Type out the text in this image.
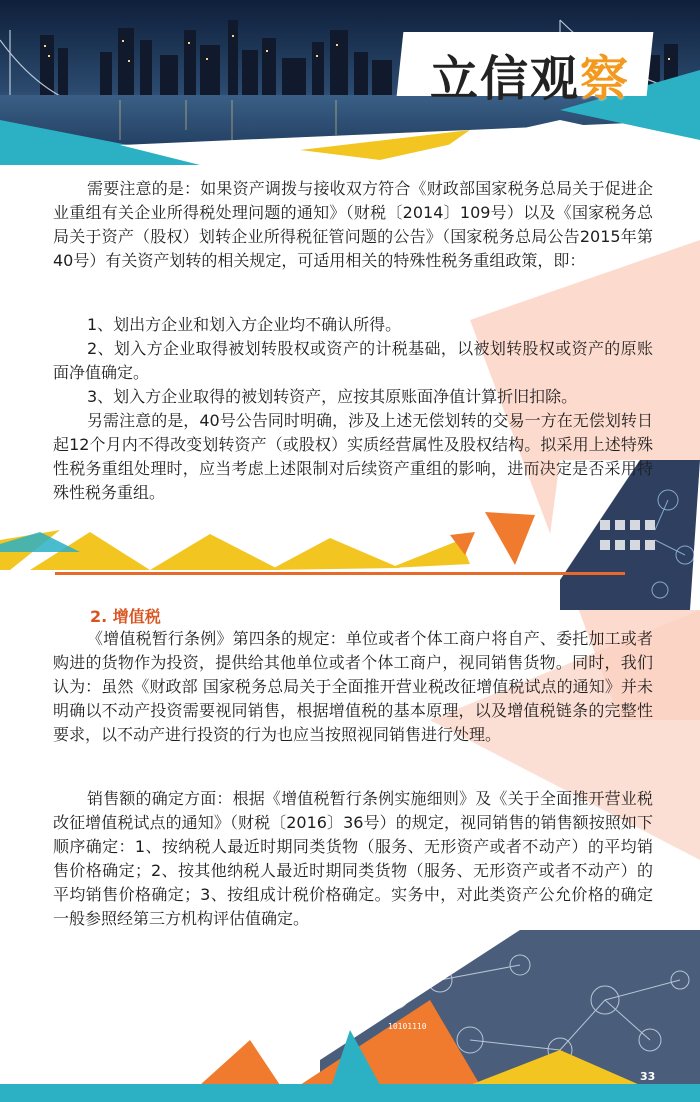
立信观察

需要注意的是：如果资产调拨与接收双方符合《财政部国家税务总局关于促进企业重组有关企业所得税处理问题的通知》（财税〔2014〕109号）以及《国家税务总局关于资产（股权）划转企业所得税征管问题的公告》（国家税务总局公告2015年第40号）有关资产划转的相关规定，可适用相关的特殊性税务重组政策，即：

1、划出方企业和划入方企业均不确认所得。

2、划入方企业取得被划转股权或资产的计税基础，以被划转股权或资产的原账面净值确定。

3、划入方企业取得的被划转资产，应按其原账面净值计算折旧扣除。

另需注意的是，40号公告同时明确，涉及上述无偿划转的交易一方在无偿划转日起12个月内不得改变划转资产（或股权）实质经营属性及股权结构。拟采用上述特殊性税务重组处理时，应当考虑上述限制对后续资产重组的影响，进而决定是否采用特殊性税务重组。

2. 增值税

《增值税暂行条例》第四条的规定：单位或者个体工商户将自产、委托加工或者购进的货物作为投资，提供给其他单位或者个体工商户，视同销售货物。同时，我们认为：虽然《财政部 国家税务总局关于全面推开营业税改征增值税试点的通知》并未明确以不动产投资需要视同销售，根据增值税的基本原理，以及增值税链条的完整性要求，以不动产进行投资的行为也应当按照视同销售进行处理。

销售额的确定方面：根据《增值税暂行条例实施细则》及《关于全面推开营业税改征增值税试点的通知》（财税〔2016〕36号）的规定，视同销售的销售额按照如下顺序确定：1、按纳税人最近时期同类货物（服务、无形资产或者不动产）的平均销售价格确定；2、按其他纳税人最近时期同类货物（服务、无形资产或者不动产）的平均销售价格确定；3、按组成计税价格确定。实务中，对此类资产公允价格的确定一般参照经第三方机构评估值确定。

10101110
33
